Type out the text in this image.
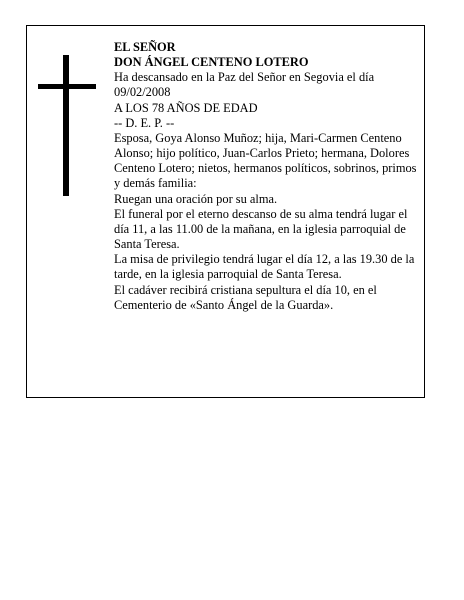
EL SEÑOR

DON ÁNGEL CENTENO LOTERO

Ha descansado en la Paz del Señor en Segovia el día 09/02/2008

A LOS 78 AÑOS DE EDAD

-- D. E. P. --

Esposa, Goya Alonso Muñoz; hija, Mari-Carmen Centeno Alonso; hijo político, Juan-Carlos Prieto; hermana, Dolores Centeno Lotero; nietos, hermanos políticos, sobrinos, primos y demás familia:

Ruegan una oración por su alma.

El funeral por el eterno descanso de su alma tendrá lugar el día 11, a las 11.00 de la mañana, en la iglesia parroquial de Santa Teresa.

La misa de privilegio tendrá lugar el día 12, a las 19.30 de la tarde, en la iglesia parroquial de Santa Teresa.

El cadáver recibirá cristiana sepultura el día 10, en el Cementerio de «Santo Ángel de la Guarda».
